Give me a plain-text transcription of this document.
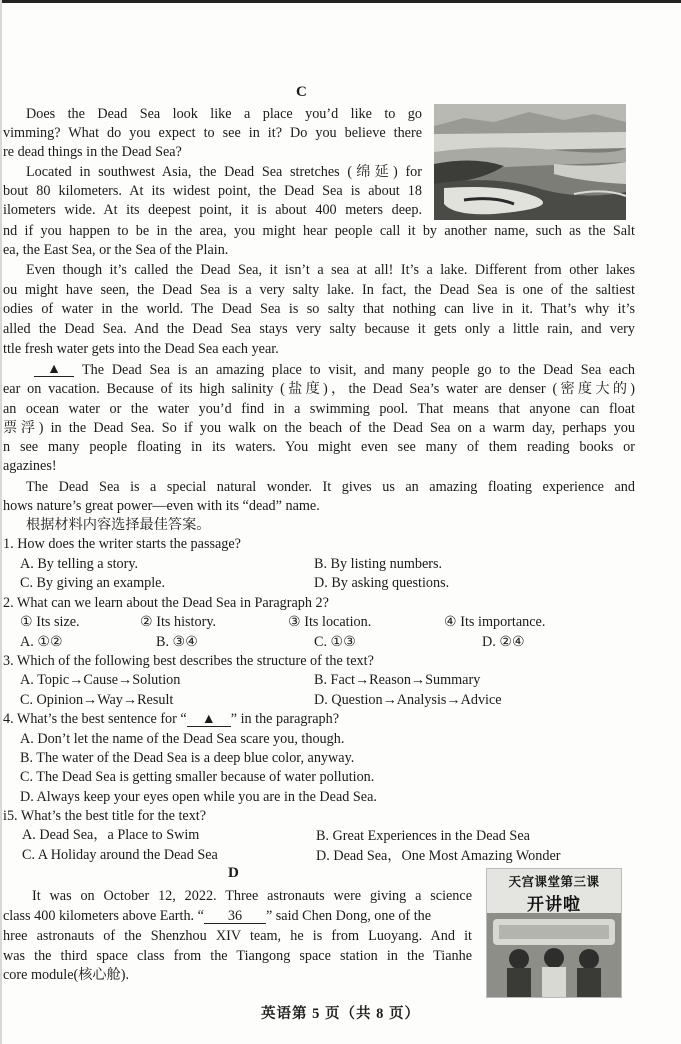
C
Does the Dead Sea look like a place you’d like to go
vimming? What do you expect to see in it? Do you believe there
re dead things in the Dead Sea?
Located in southwest Asia, the Dead Sea stretches (绵延) for
bout 80 kilometers. At its widest point, the Dead Sea is about 18
ilometers wide. At its deepest point, it is about 400 meters deep.
nd if you happen to be in the area, you might hear people call it by another name, such as the Salt
ea, the East Sea, or the Sea of the Plain.
Even though it’s called the Dead Sea, it isn’t a sea at all! It’s a lake. Different from other lakes
ou might have seen, the Dead Sea is a very salty lake. In fact, the Dead Sea is one of the saltiest
odies of water in the world. The Dead Sea is so salty that nothing can live in it. That’s why it’s
alled the Dead Sea. And the Dead Sea stays very salty because it gets only a little rain, and very
ttle fresh water gets into the Dead Sea each year.
▲	The Dead Sea is an amazing place to visit, and many people go to the Dead Sea each
ear on vacation. Because of its high salinity (盐度)，the Dead Sea’s water are denser (密度大的)
an ocean water or the water you’d find in a swimming pool. That means that anyone can float
票浮) in the Dead Sea. So if you walk on the beach of the Dead Sea on a warm day, perhaps you
n see many people floating in its waters. You might even see many of them reading books or
agazines!
The Dead Sea is a special natural wonder. It gives us an amazing floating experience and
hows nature’s great power—even with its “dead” name.
根据材料内容选择最佳答案。
1. How does the writer starts the passage?
A. By telling a story.	B. By listing numbers.
C. By giving an example.	D. By asking questions.
2. What can we learn about the Dead Sea in Paragraph 2?
① Its size.	② Its history.	③ Its location.	④ Its importance.
A. ①②	B. ③④	C. ①③	D. ②④
3. Which of the following best describes the structure of the text?
A. Topic→Cause→Solution	B. Fact→Reason→Summary
C. Opinion→Way→Result	D. Question→Analysis→Advice
4. What’s the best sentence for “ ▲ ” in the paragraph?
A. Don’t let the name of the Dead Sea scare you, though.
B. The water of the Dead Sea is a deep blue color, anyway.
C. The Dead Sea is getting smaller because of water pollution.
D. Always keep your eyes open while you are in the Dead Sea.
i5. What’s the best title for the text?
A. Dead Sea，a Place to Swim	B. Great Experiences in the Dead Sea
C. A Holiday around the Dead Sea	D. Dead Sea，One Most Amazing Wonder
D
天宫课堂第三课
开讲啦
It was on October 12, 2022. Three astronauts were giving a science
class 400 kilometers above Earth. “ 36 ” said Chen Dong, one of the
hree astronauts of the Shenzhou XIV team, he is from Luoyang. And it
was the third space class from the Tiangong space station in the Tianhe
core module(核心舱).
英语第 5 页（共 8 页）
